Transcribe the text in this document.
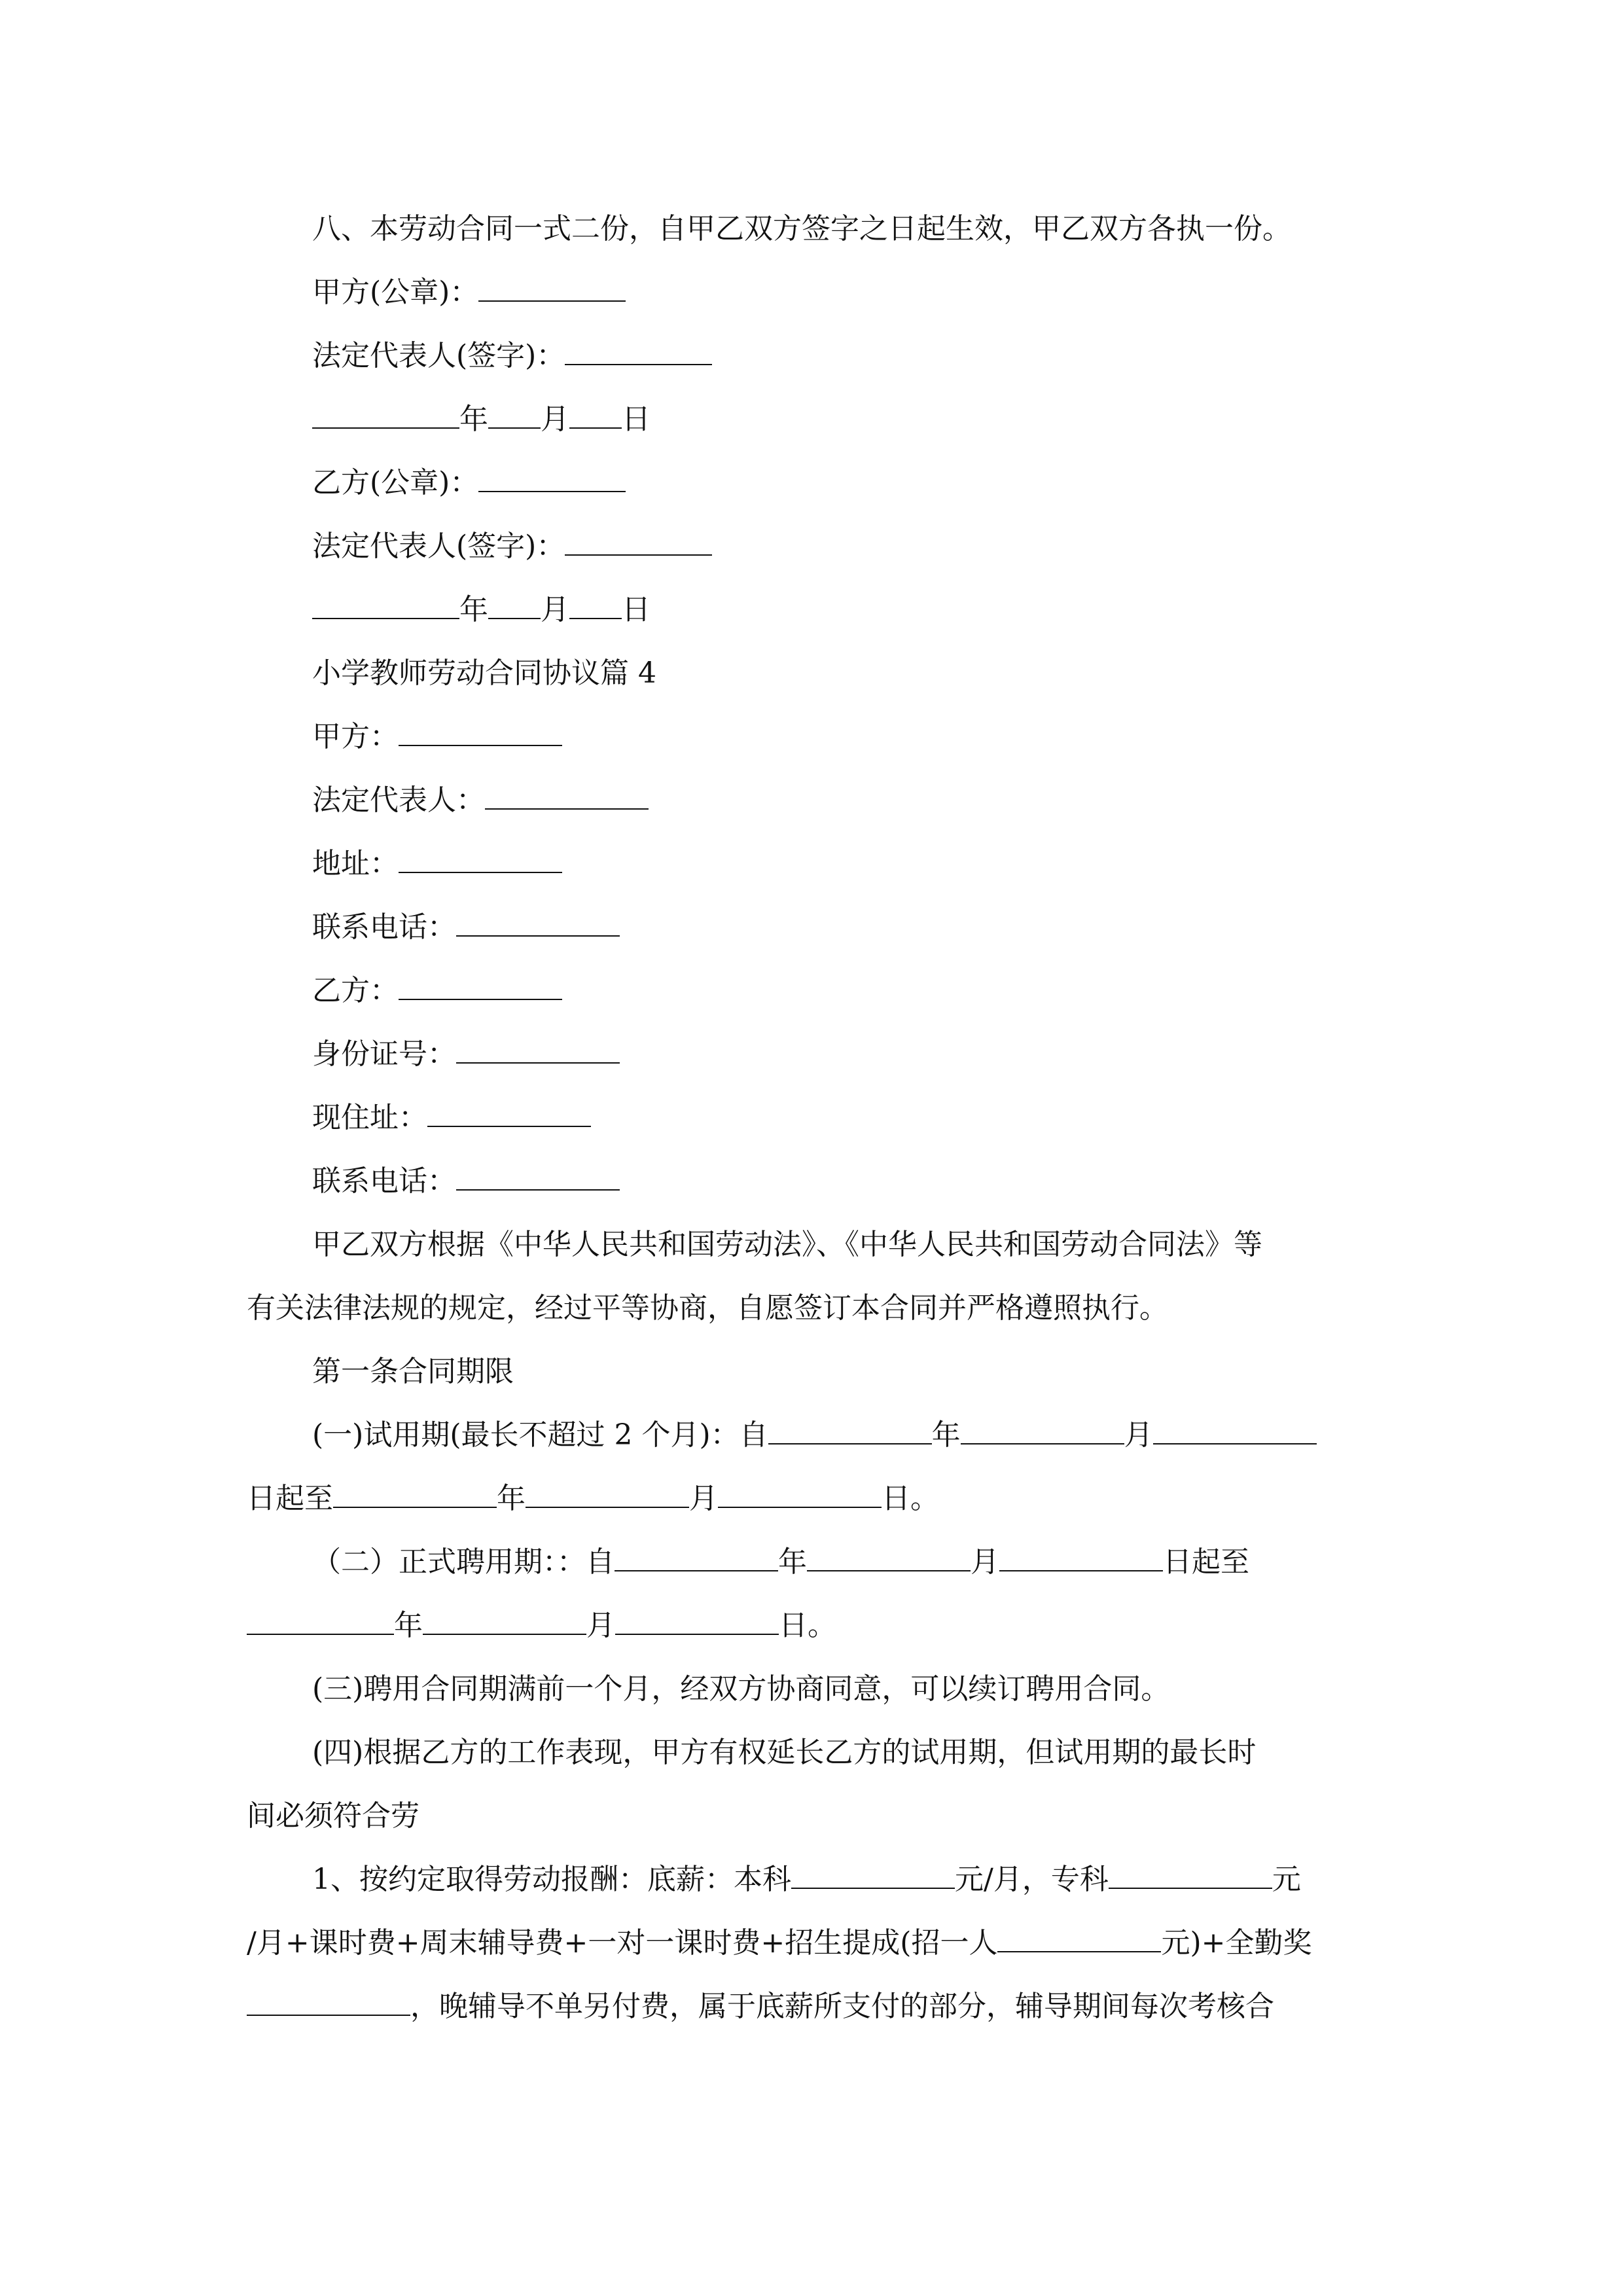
八、本劳动合同一式二份，自甲乙双方签字之日起生效，甲乙双方各执一份。
甲方(公章)：
法定代表人(签字)：
年 月 日
乙方(公章)：
法定代表人(签字)：
年 月 日
小学教师劳动合同协议篇 4
甲方：
法定代表人：
地址：
联系电话：
乙方：
身份证号：
现住址：
联系电话：
甲乙双方根据《中华人民共和国劳动法》、《中华人民共和国劳动合同法》等
有关法律法规的规定，经过平等协商，自愿签订本合同并严格遵照执行。
第一条合同期限
(一)试用期(最长不超过 2 个月)：自	年	月
日起至	年	月	日。
（二）正式聘用期：：自	年	月	日起至
年	月	日。
(三)聘用合同期满前一个月，经双方协商同意，可以续订聘用合同。
(四)根据乙方的工作表现，甲方有权延长乙方的试用期，但试用期的最长时
间必须符合劳
1、按约定取得劳动报酬：底薪：本科	元/月，专科	元
/月+课时费+周末辅导费+一对一课时费+招生提成(招一人	元)+全勤奖
，晚辅导不单另付费，属于底薪所支付的部分，辅导期间每次考核合
